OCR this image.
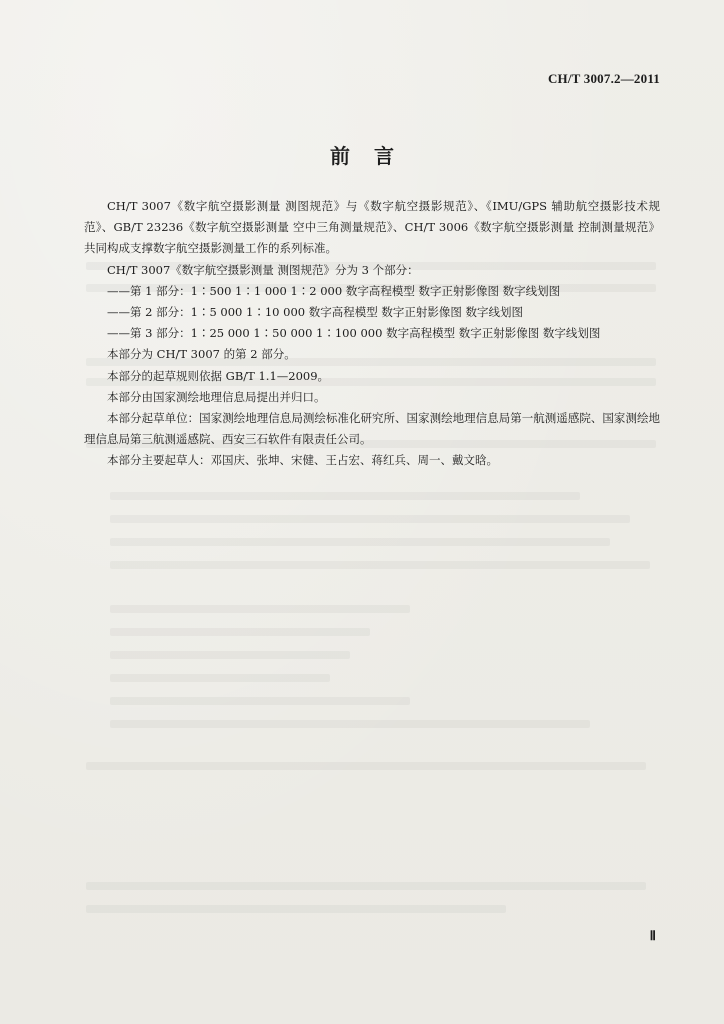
CH/T 3007.2—2011
前言

CH/T 3007《数字航空摄影测量 测图规范》与《数字航空摄影规范》、《IMU/GPS 辅助航空摄影技术规范》、GB/T 23236《数字航空摄影测量 空中三角测量规范》、CH/T 3006《数字航空摄影测量 控制测量规范》共同构成支撑数字航空摄影测量工作的系列标准。

CH/T 3007《数字航空摄影测量 测图规范》分为 3 个部分：

——第 1 部分：1∶500 1∶1 000 1∶2 000 数字高程模型 数字正射影像图 数字线划图

——第 2 部分：1∶5 000 1∶10 000 数字高程模型 数字正射影像图 数字线划图

——第 3 部分：1∶25 000 1∶50 000 1∶100 000 数字高程模型 数字正射影像图 数字线划图

本部分为 CH/T 3007 的第 2 部分。

本部分的起草规则依据 GB/T 1.1—2009。

本部分由国家测绘地理信息局提出并归口。

本部分起草单位：国家测绘地理信息局测绘标准化研究所、国家测绘地理信息局第一航测遥感院、国家测绘地理信息局第三航测遥感院、西安三石软件有限责任公司。

本部分主要起草人：邓国庆、张坤、宋健、王占宏、蒋红兵、周一、戴文晗。

Ⅱ
